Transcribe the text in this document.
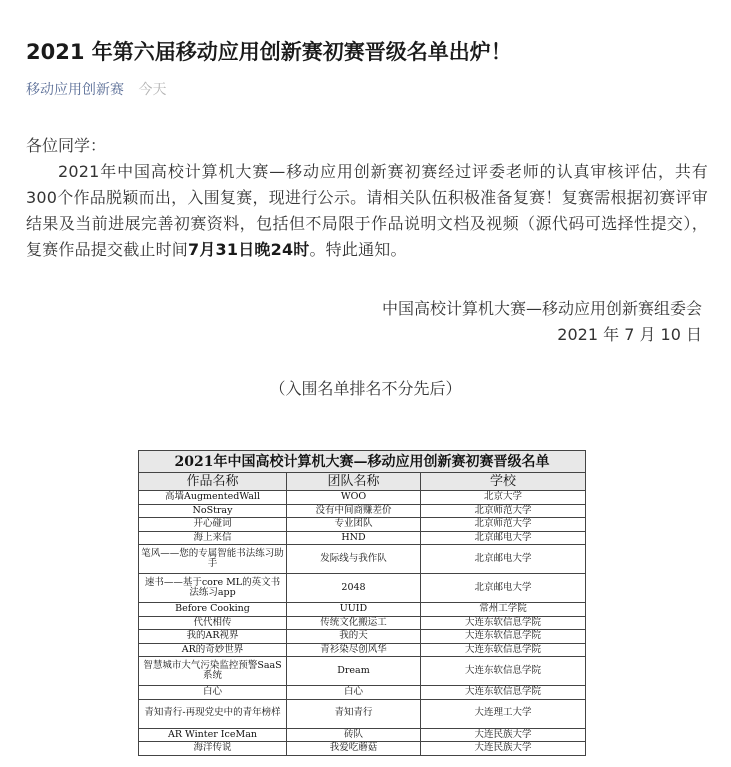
2021 年第六届移动应用创新赛初赛晋级名单出炉！
移动应用创新赛 今天

各位同学：

2021年中国高校计算机大赛—移动应用创新赛初赛经过评委老师的认真审核评估，共有300个作品脱颖而出，入围复赛，现进行公示。请相关队伍积极准备复赛！复赛需根据初赛评审结果及当前进展完善初赛资料，包括但不局限于作品说明文档及视频（源代码可选择性提交），复赛作品提交截止时间7月31日晚24时。特此通知。

中国高校计算机大赛—移动应用创新赛组委会
2021 年 7 月 10 日
（入围名单排名不分先后）
2021年中国高校计算机大赛—移动应用创新赛初赛晋级名单		
作品名称	团队名称	学校
高墙AugmentedWall	WOO	北京大学
NoStray	没有中间商赚差价	北京师范大学
开心碰词	专业团队	北京师范大学
海上来信	HND	北京邮电大学
笔风——您的专属智能书法练习助手	发际线与我作队	北京邮电大学
速书——基于core ML的英文书法练习app	2048	北京邮电大学
Before Cooking	UUID	常州工学院
代代相传	传统文化搬运工	大连东软信息学院
我的AR视界	我的天	大连东软信息学院
AR的奇妙世界	青衫染尽创风华	大连东软信息学院
智慧城市大气污染监控预警SaaS系统	Dream	大连东软信息学院
白心	白心	大连东软信息学院
青知青行-再现党史中的青年榜样	青知青行	大连理工大学
AR Winter IceMan	砖队	大连民族大学
海洋传说	我爱吃蘑菇	大连民族大学
